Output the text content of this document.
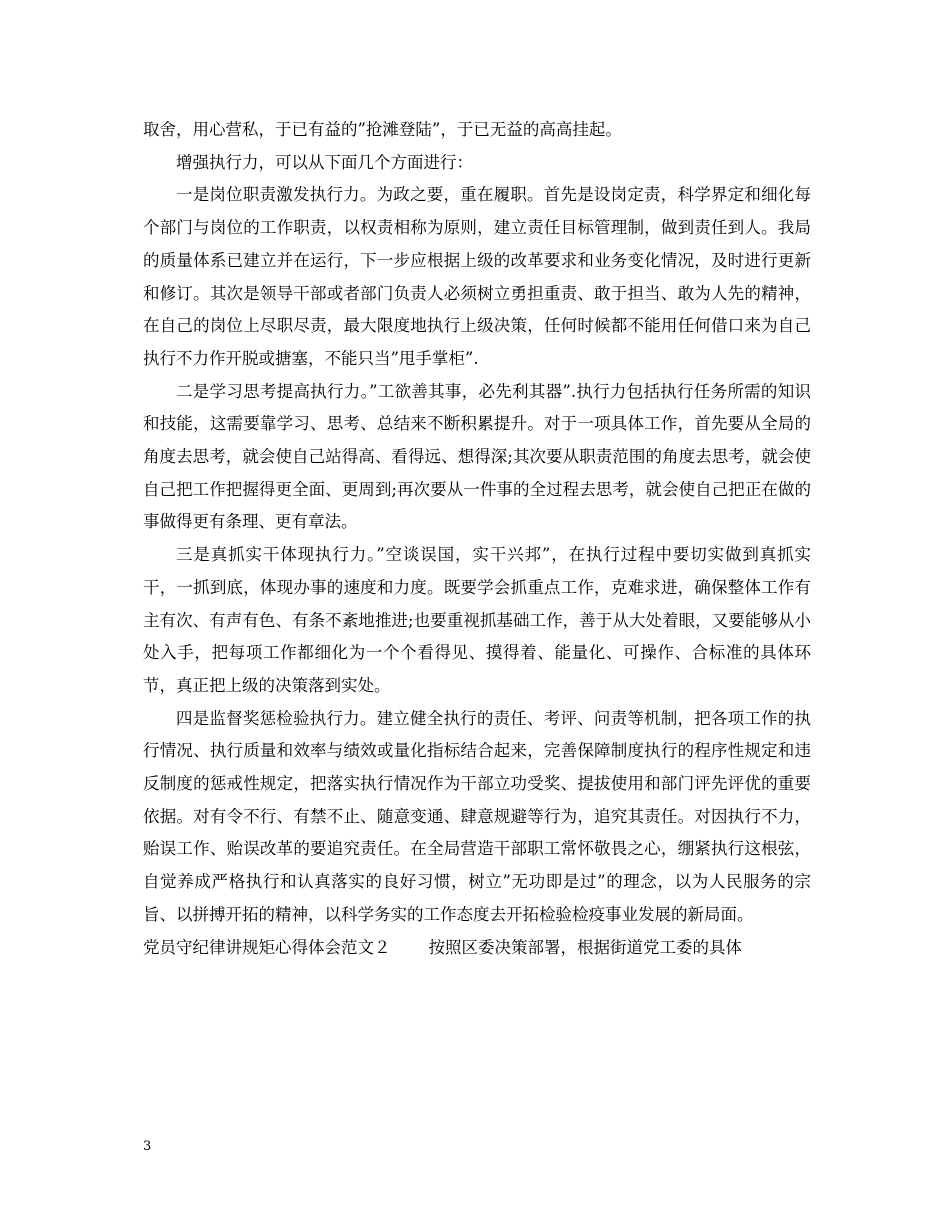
取舍，用心营私，于已有益的”抢滩登陆”，于已无益的高高挂起。

增强执行力，可以从下面几个方面进行：

一是岗位职责激发执行力。为政之要，重在履职。首先是设岗定责，科学界定和细化每个部门与岗位的工作职责，以权责相称为原则，建立责任目标管理制，做到责任到人。我局的质量体系已建立并在运行，下一步应根据上级的改革要求和业务变化情况，及时进行更新和修订。其次是领导干部或者部门负责人必须树立勇担重责、敢于担当、敢为人先的精神，在自己的岗位上尽职尽责，最大限度地执行上级决策，任何时候都不能用任何借口来为自己执行不力作开脱或搪塞，不能只当”甩手掌柜”.

二是学习思考提高执行力。”工欲善其事，必先利其器”.执行力包括执行任务所需的知识和技能，这需要靠学习、思考、总结来不断积累提升。对于一项具体工作，首先要从全局的角度去思考，就会使自己站得高、看得远、想得深;其次要从职责范围的角度去思考，就会使自己把工作把握得更全面、更周到;再次要从一件事的全过程去思考，就会使自己把正在做的事做得更有条理、更有章法。

三是真抓实干体现执行力。”空谈误国，实干兴邦”，在执行过程中要切实做到真抓实干，一抓到底，体现办事的速度和力度。既要学会抓重点工作，克难求进，确保整体工作有主有次、有声有色、有条不紊地推进;也要重视抓基础工作，善于从大处着眼，又要能够从小处入手，把每项工作都细化为一个个看得见、摸得着、能量化、可操作、合标准的具体环节，真正把上级的决策落到实处。

四是监督奖惩检验执行力。建立健全执行的责任、考评、问责等机制，把各项工作的执行情况、执行质量和效率与绩效或量化指标结合起来，完善保障制度执行的程序性规定和违反制度的惩戒性规定，把落实执行情况作为干部立功受奖、提拔使用和部门评先评优的重要依据。对有令不行、有禁不止、随意变通、肆意规避等行为，追究其责任。对因执行不力，贻误工作、贻误改革的要追究责任。在全局营造干部职工常怀敬畏之心，绷紧执行这根弦，自觉养成严格执行和认真落实的良好习惯，树立”无功即是过”的理念，以为人民服务的宗旨、以拼搏开拓的精神，以科学务实的工作态度去开拓检验检疫事业发展的新局面。

党员守纪律讲规矩心得体会范文２ 按照区委决策部署，根据街道党工委的具体

3
